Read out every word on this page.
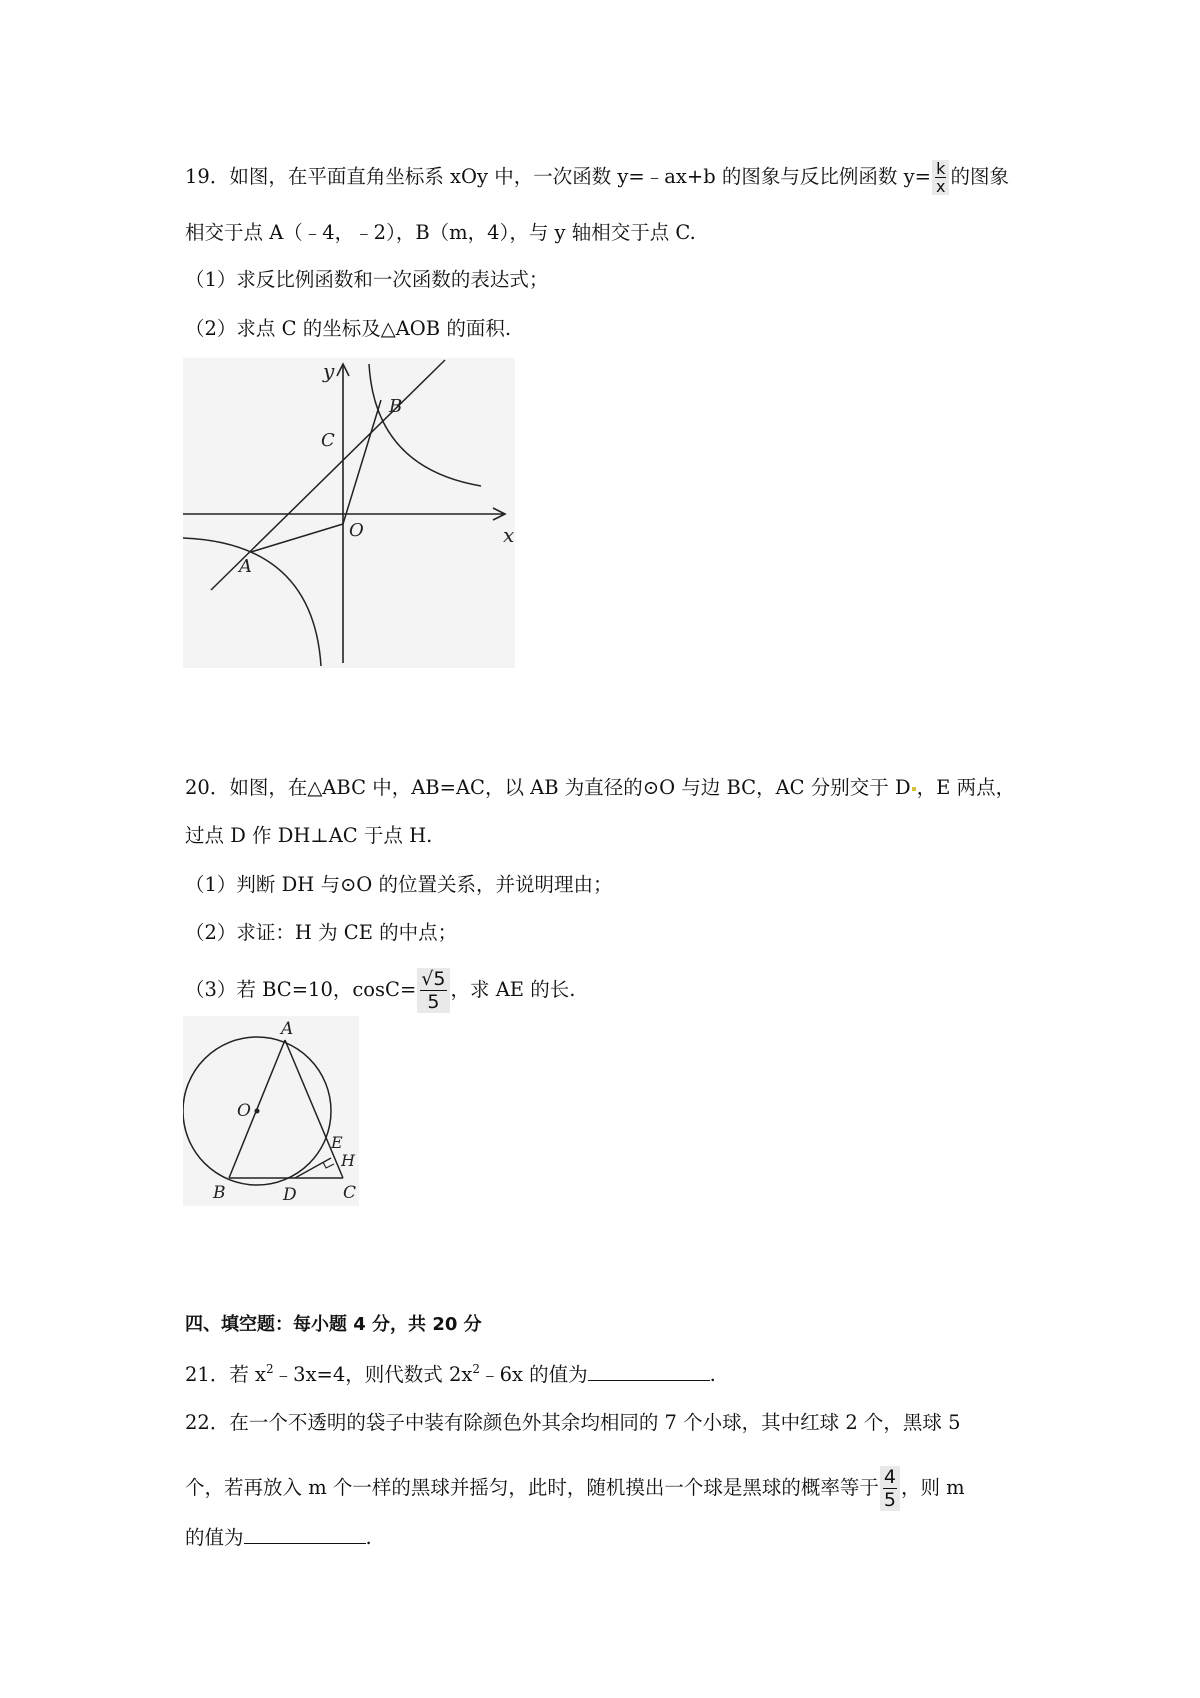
19．如图，在平面直角坐标系 xOy 中，一次函数 y=﹣ax+b 的图象与反比例函数 $y= \frac{k}{x}$ 的图象
相交于点 A（﹣4，﹣2），B（m，4），与 y 轴相交于点 C.
（1）求反比例函数和一次函数的表达式；
（2）求点 C 的坐标及△AOB 的面积.
y
x
O
A
B
C
20．如图，在△ABC 中，AB=AC，以 AB 为直径的⊙O 与边 BC，AC 分别交于 D ，E 两点，
过点 D 作 DH⊥AC 于点 H.
（1）判断 DH 与⊙O 的位置关系，并说明理由；
（2）求证：H 为 CE 的中点；
（3）若 BC=10，$\cos C= \frac{√5}{5}$ ，求 AE 的长.
A
O
E
H
B	D	C
四、填空题：每小题 4 分，共 20 分
21．若 $x^2﹣3x=4$，则代数式 $2x^2﹣6x$ 的值为	.
22．在一个不透明的袋子中装有除颜色外其余均相同的 7 个小球，其中红球 2 个，黑球 5
个，若再放入 m 个一样的黑球并摇匀，此时，随机摸出一个球是黑球的概率等于 $\frac{4}{5}$ ，则 m
的值为	.
